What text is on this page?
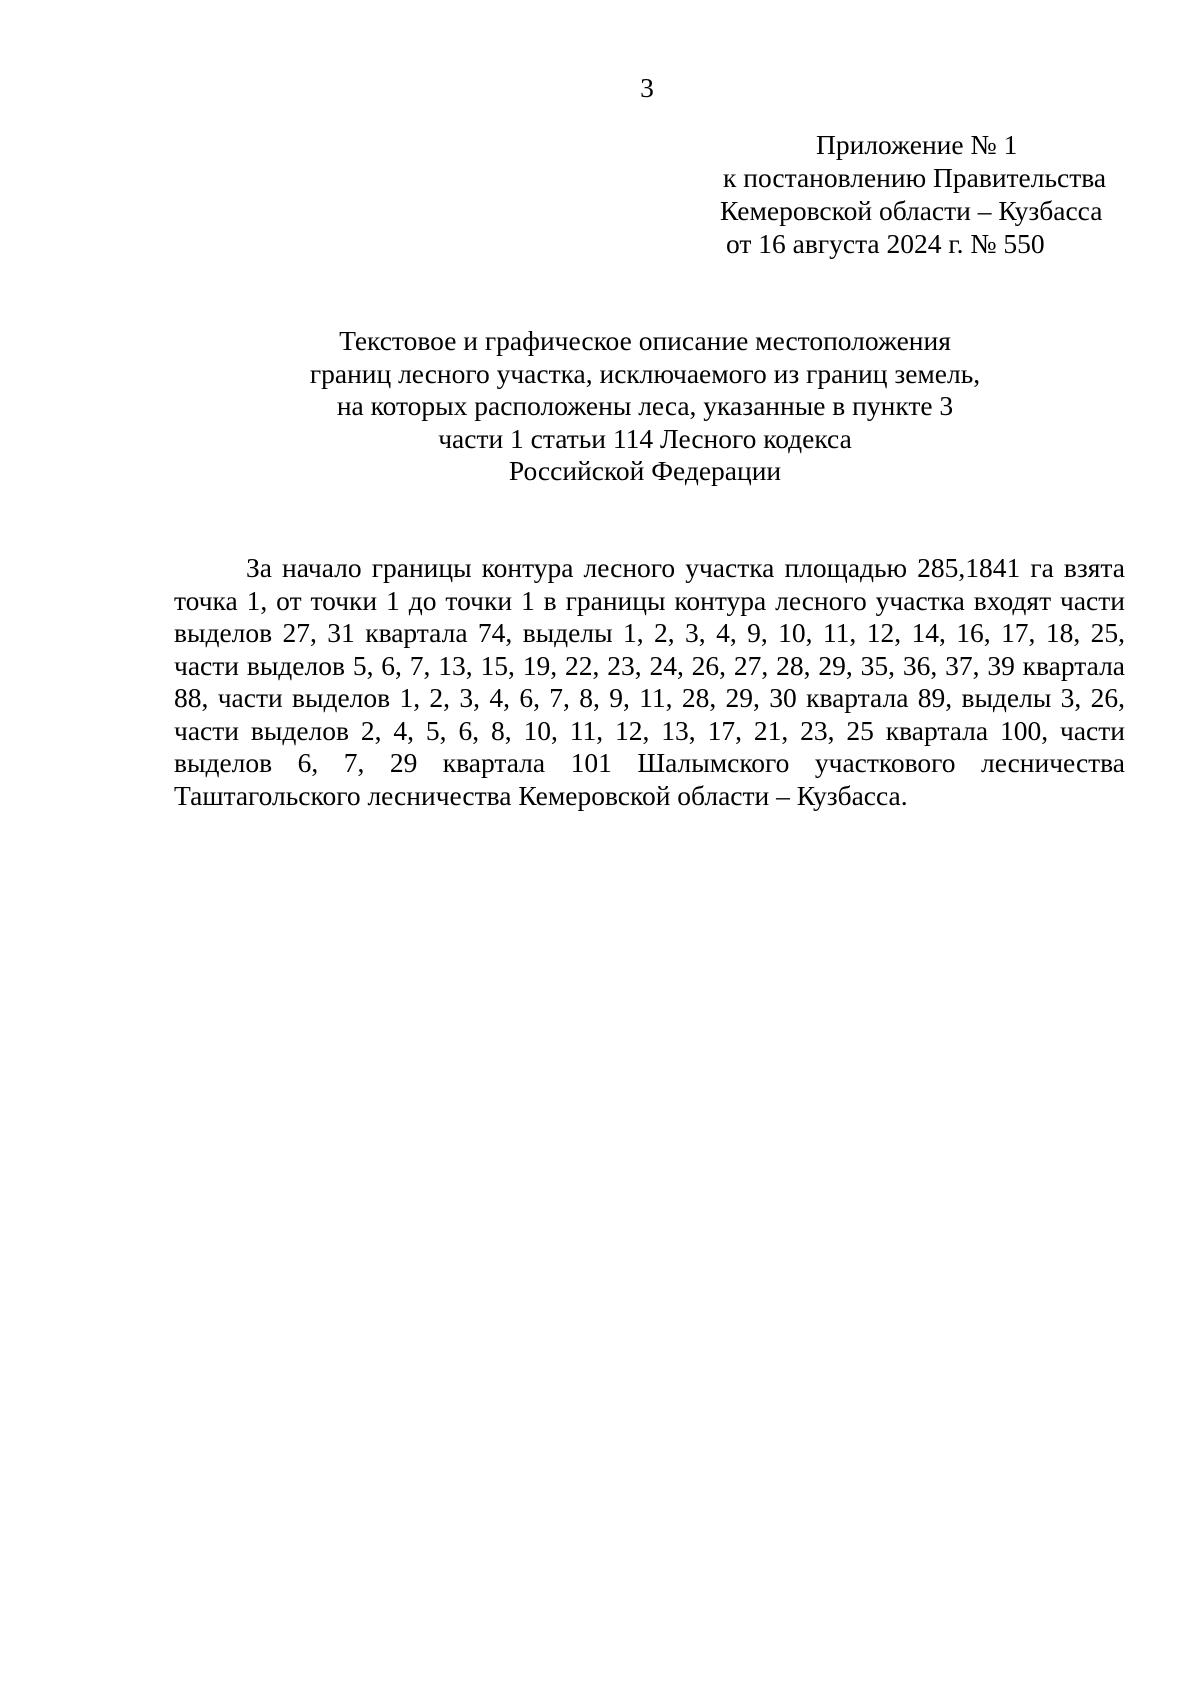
3
Приложение № 1
к постановлению Правительства
Кемеровской области – Кузбасса
от 16 августа 2024 г. № 550
Текстовое и графическое описание местоположения
границ лесного участка, исключаемого из границ земель,
на которых расположены леса, указанные в пункте 3
части 1 статьи 114 Лесного кодекса
Российской Федерации
За начало границы контура лесного участка площадью 285,1841 га взята точка 1, от точки 1 до точки 1 в границы контура лесного участка входят части выделов 27, 31 квартала 74, выделы 1, 2, 3, 4, 9, 10, 11, 12, 14, 16, 17, 18, 25, части выделов 5, 6, 7, 13, 15, 19, 22, 23, 24, 26, 27, 28, 29, 35, 36, 37, 39 квартала 88, части выделов 1, 2, 3, 4, 6, 7, 8, 9, 11, 28, 29, 30 квартала 89, выделы 3, 26, части выделов 2, 4, 5, 6, 8, 10, 11, 12, 13, 17, 21, 23, 25 квартала 100, части выделов 6, 7, 29 квартала 101 Шалымского участкового лесничества Таштагольского лесничества Кемеровской области – Кузбасса.
